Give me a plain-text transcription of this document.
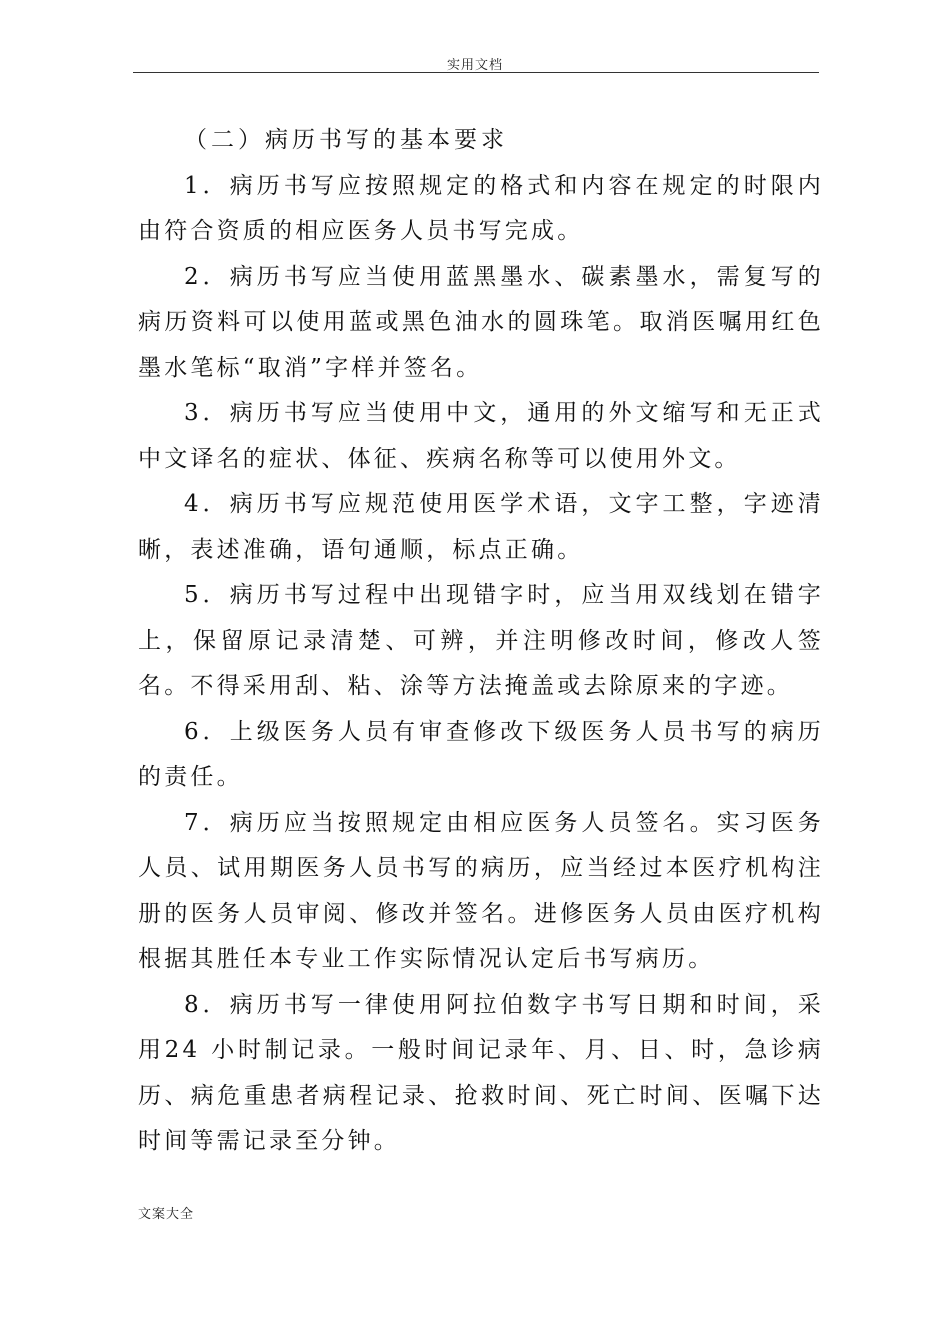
实用文档

（二）病历书写的基本要求

1．病历书写应按照规定的格式和内容在规定的时限内由符合资质的相应医务人员书写完成。

2．病历书写应当使用蓝黑墨水、碳素墨水，需复写的病历资料可以使用蓝或黑色油水的圆珠笔。取消医嘱用红色墨水笔标“取消”字样并签名。

3．病历书写应当使用中文，通用的外文缩写和无正式中文译名的症状、体征、疾病名称等可以使用外文。

4．病历书写应规范使用医学术语，文字工整，字迹清晰，表述准确，语句通顺，标点正确。

5．病历书写过程中出现错字时，应当用双线划在错字上，保留原记录清楚、可辨，并注明修改时间，修改人签名。不得采用刮、粘、涂等方法掩盖或去除原来的字迹。

6．上级医务人员有审查修改下级医务人员书写的病历的责任。

7．病历应当按照规定由相应医务人员签名。实习医务人员、试用期医务人员书写的病历，应当经过本医疗机构注册的医务人员审阅、修改并签名。进修医务人员由医疗机构根据其胜任本专业工作实际情况认定后书写病历。

8．病历书写一律使用阿拉伯数字书写日期和时间，采用24 小时制记录。一般时间记录年、月、日、时，急诊病历、病危重患者病程记录、抢救时间、死亡时间、医嘱下达时间等需记录至分钟。

文案大全
